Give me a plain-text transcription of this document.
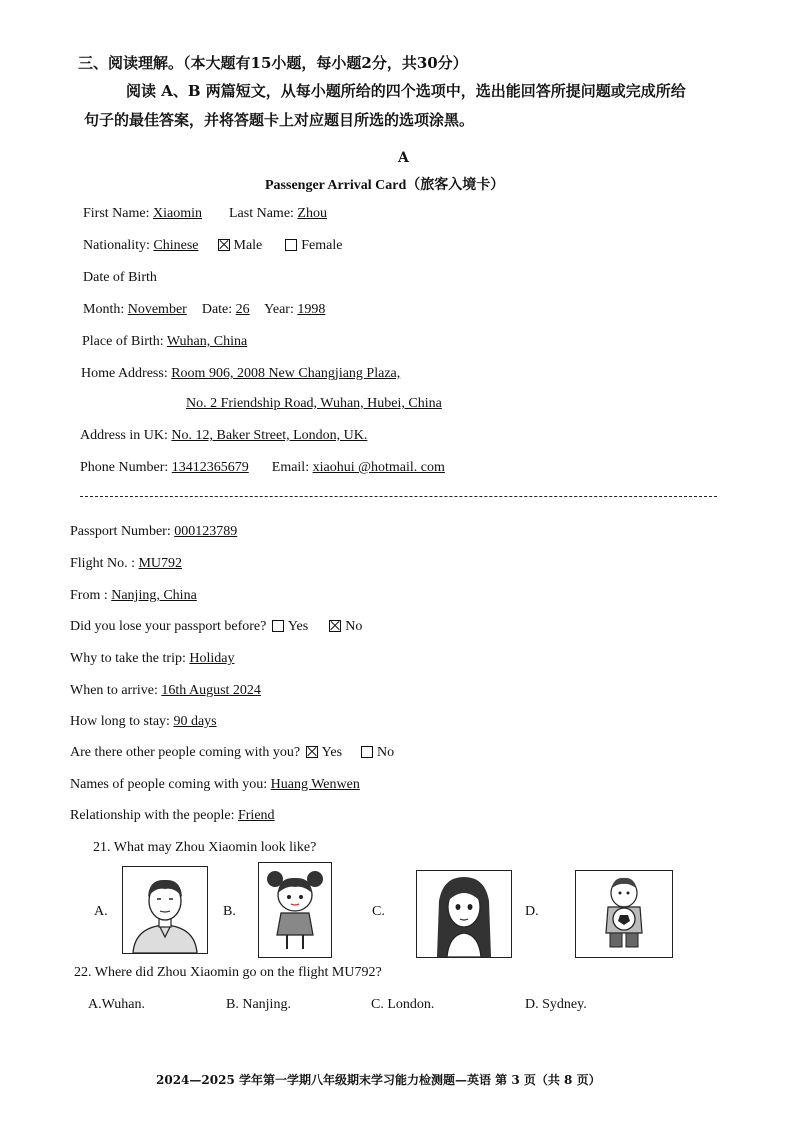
三、阅读理解。（本大题有15小题，每小题2分，共30分）
阅读 A、B 两篇短文，从每小题所给的四个选项中，选出能回答所提问题或完成所给
句子的最佳答案，并将答题卡上对应题目所选的选项涂黑。
A
Passenger Arrival Card（旅客入境卡）
First Name: Xiaomin Last Name: Zhou
Nationality: Chinese	Male	Female
Date of Birth
Month: November Date: 26 Year: 1998
Place of Birth: Wuhan, China
Home Address: Room 906, 2008 New Changjiang Plaza,
No. 2 Friendship Road, Wuhan, Hubei, China
Address in UK: No. 12, Baker Street, London, UK.
Phone Number: 13412365679 Email: xiaohui @hotmail. com
Passport Number: 000123789
Flight No. : MU792
From : Nanjing, China
Did you lose your passport before? Yes	No
Why to take the trip: Holiday
When to arrive: 16th August 2024
How long to stay: 90 days
Are there other people coming with you? Yes	No
Names of people coming with you: Huang Wenwen
Relationship with the people: Friend
21. What may Zhou Xiaomin look like?
A.	B.	C.	D.
22. Where did Zhou Xiaomin go on the flight MU792?
A.Wuhan.	B. Nanjing.	C. London.	D. Sydney.
2024—2025 学年第一学期八年级期末学习能力检测题—英语 第 3 页（共 8 页）
